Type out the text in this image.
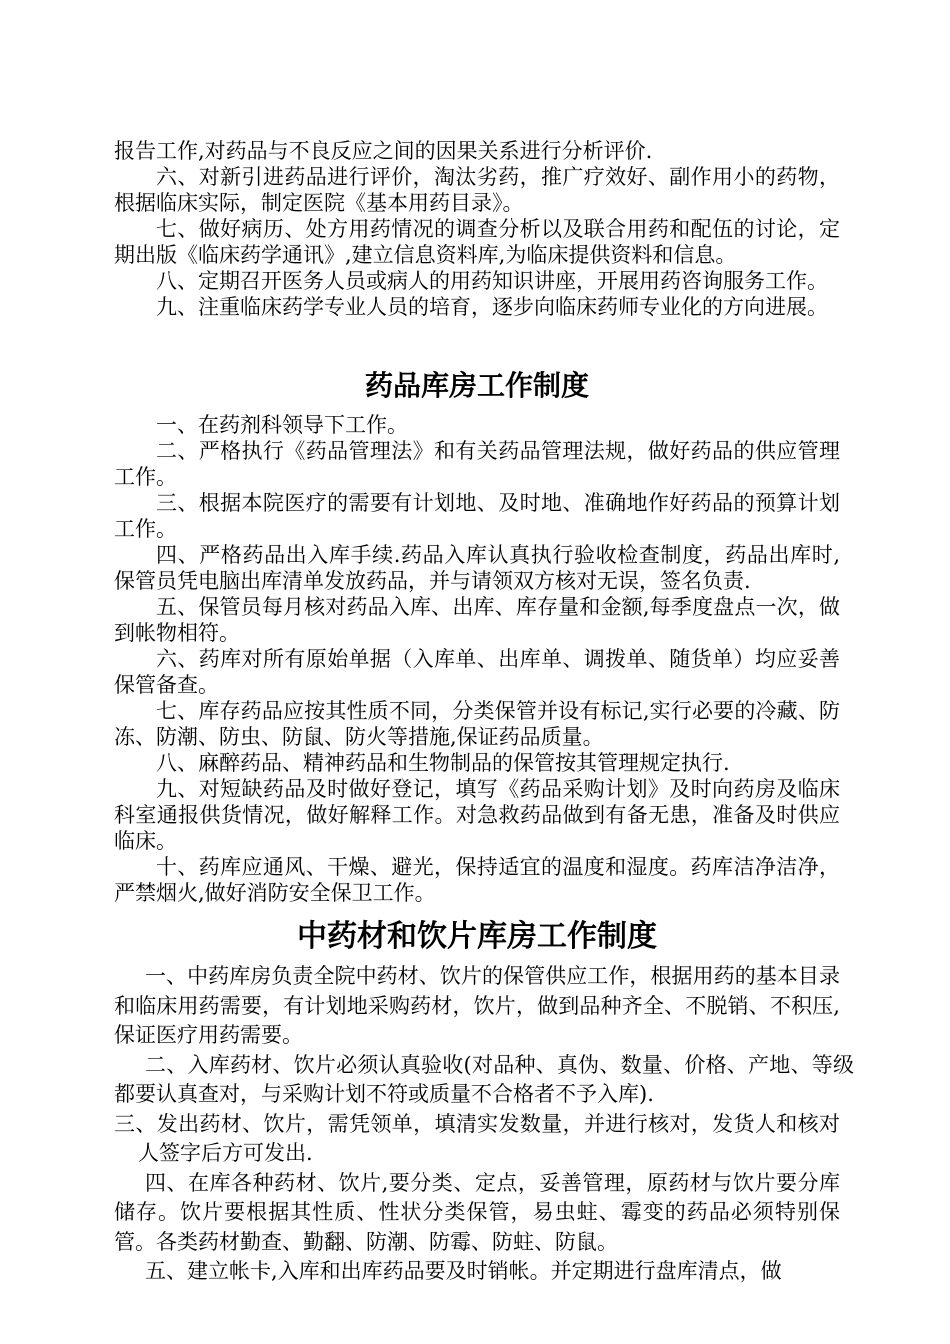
报告工作,对药品与不良反应之间的因果关系进行分析评价.

六、对新引进药品进行评价，淘汰劣药，推广疗效好、副作用小的药物，根据临床实际，制定医院《基本用药目录》。

七、做好病历、处方用药情况的调查分析以及联合用药和配伍的讨论，定期出版《临床药学通讯》,建立信息资料库,为临床提供资料和信息。

八、定期召开医务人员或病人的用药知识讲座，开展用药咨询服务工作。

九、注重临床药学专业人员的培育，逐步向临床药师专业化的方向进展。

药品库房工作制度

一、在药剂科领导下工作。

二、严格执行《药品管理法》和有关药品管理法规，做好药品的供应管理工作。

三、根据本院医疗的需要有计划地、及时地、准确地作好药品的预算计划工作。

四、严格药品出入库手续.药品入库认真执行验收检查制度，药品出库时,保管员凭电脑出库清单发放药品，并与请领双方核对无误，签名负责.

五、保管员每月核对药品入库、出库、库存量和金额,每季度盘点一次，做到帐物相符。

六、药库对所有原始单据（入库单、出库单、调拨单、随货单）均应妥善保管备查。

七、库存药品应按其性质不同，分类保管并设有标记,实行必要的冷藏、防冻、防潮、防虫、防鼠、防火等措施,保证药品质量。

八、麻醉药品、精神药品和生物制品的保管按其管理规定执行.

九、对短缺药品及时做好登记，填写《药品采购计划》及时向药房及临床科室通报供货情况，做好解释工作。对急救药品做到有备无患，准备及时供应临床。

十、药库应通风、干燥、避光，保持适宜的温度和湿度。药库洁净洁净，严禁烟火,做好消防安全保卫工作。

中药材和饮片库房工作制度

一、中药库房负责全院中药材、饮片的保管供应工作，根据用药的基本目录和临床用药需要，有计划地采购药材，饮片，做到品种齐全、不脱销、不积压,保证医疗用药需要。

二、入库药材、饮片必须认真验收(对品种、真伪、数量、价格、产地、等级都要认真查对，与采购计划不符或质量不合格者不予入库).

三、发出药材、饮片，需凭领单，填清实发数量，并进行核对，发货人和核对人签字后方可发出.

四、在库各种药材、饮片,要分类、定点，妥善管理，原药材与饮片要分库储存。饮片要根据其性质、性状分类保管，易虫蛀、霉变的药品必须特别保管。各类药材勤查、勤翻、防潮、防霉、防蛀、防鼠。

五、建立帐卡,入库和出库药品要及时销帐。并定期进行盘库清点，做
